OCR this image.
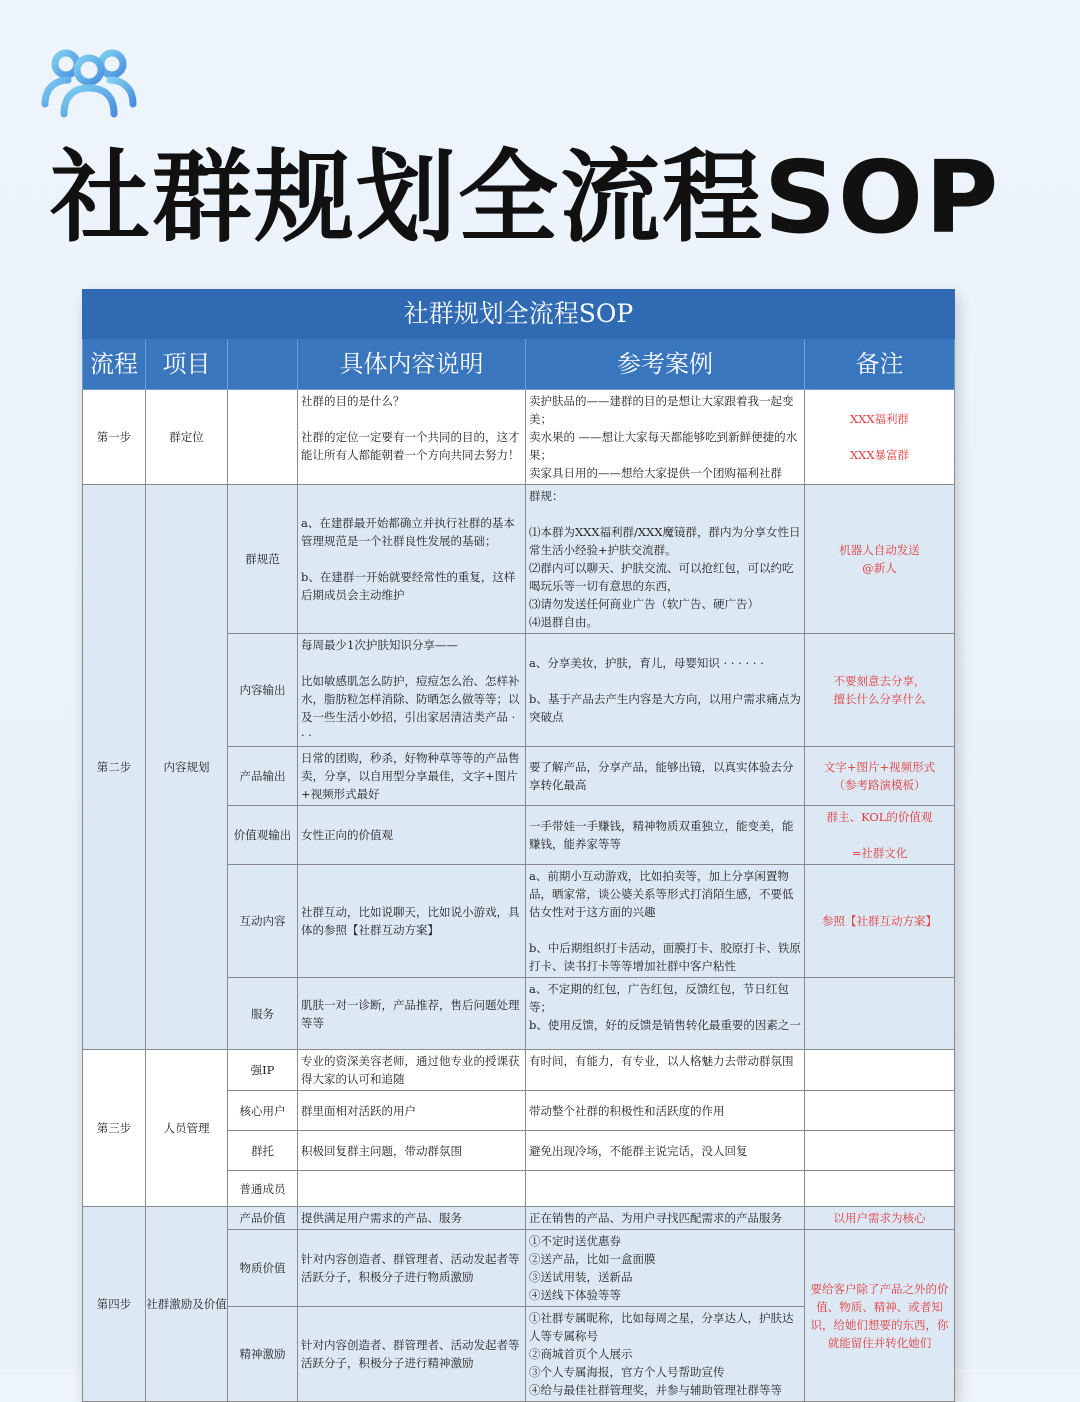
社群规划全流程SOP
社群规划全流程SOP					
流程	项目		具体内容说明	参考案例	备注
第一步	群定位		社群的目的是什么？

社群的定位一定要有一个共同的目的，这才能让所有人都能朝着一个方向共同去努力！	卖护肤品的——建群的目的是想让大家跟着我一起变美；
卖水果的 ——想让大家每天都能够吃到新鲜便捷的水果；
卖家具日用的——想给大家提供一个团购福利社群	XXX福利群

XXX暴富群
第二步	内容规划	群规范	a、在建群最开始都确立并执行社群的基本管理规范是一个社群良性发展的基础；

b、在建群一开始就要经常性的重复，这样后期成员会主动维护	群规：

⑴本群为XXX福利群/XXX魔镜群，群内为分享女性日常生活小经验+护肤交流群。
⑵群内可以聊天、护肤交流、可以抢红包，可以约吃喝玩乐等一切有意思的东西，
⑶请勿发送任何商业广告（软广告、硬广告）
⑷退群自由。	机器人自动发送
@新人
		内容输出	每周最少1次护肤知识分享——

比如敏感肌怎么防护，痘痘怎么治、怎样补水，脂肪粒怎样消除、防晒怎么做等等；以及一些生活小妙招，引出家居清洁类产品 · · ·	a、分享美妆，护肤，育儿，母婴知识 · · · · · ·

b、基于产品去产生内容是大方向，以用户需求痛点为突破点	不要刻意去分享，
擅长什么分享什么
		产品输出	日常的团购，秒杀，好物种草等等的产品售卖，分享，以自用型分享最佳，文字+图片+视频形式最好	要了解产品，分享产品，能够出镜，以真实体验去分享转化最高	文字+图片+视频形式
（参考路演模板）
		价值观输出	女性正向的价值观	一手带娃一手赚钱，精神物质双重独立，能变美，能赚钱，能养家等等	群主、KOL的价值观

=社群文化
		互动内容	社群互动，比如说聊天，比如说小游戏，具体的参照【社群互动方案】	a、前期小互动游戏，比如拍卖等，加上分享闲置物品，晒家常，谈公婆关系等形式打消陌生感，不要低估女性对于这方面的兴趣

b、中后期组织打卡活动，面膜打卡、胶原打卡、铁原打卡、读书打卡等等增加社群中客户粘性	参照【社群互动方案】
		服务	肌肤一对一诊断，产品推荐，售后问题处理等等	a、不定期的红包，广告红包，反馈红包，节日红包等；
b、使用反馈，好的反馈是销售转化最重要的因素之一	
第三步	人员管理	强IP	专业的资深美容老师，通过他专业的授课获得大家的认可和追随	有时间，有能力，有专业，以人格魅力去带动群氛围	
		核心用户	群里面相对活跃的用户	带动整个社群的积极性和活跃度的作用	
		群托	积极回复群主问题，带动群氛围	避免出现冷场，不能群主说完话，没人回复	
		普通成员			
第四步	社群激励及价值	产品价值	提供满足用户需求的产品、服务	正在销售的产品、为用户寻找匹配需求的产品服务	以用户需求为核心
		物质价值	针对内容创造者、群管理者、活动发起者等活跃分子，积极分子进行物质激励	①不定时送优惠券
②送产品，比如一盒面膜
③送试用装，送新品
④送线下体验等等	要给客户除了产品之外的价值、物质、精神、或者知识，给她们想要的东西，你就能留住并转化她们
		精神激励	针对内容创造者、群管理者、活动发起者等活跃分子，积极分子进行精神激励	①社群专属昵称，比如每周之星，分享达人，护肤达人等专属称号
②商城首页个人展示
③个人专属海报，官方个人号帮助宣传
④给与最佳社群管理奖，并参与辅助管理社群等等	
